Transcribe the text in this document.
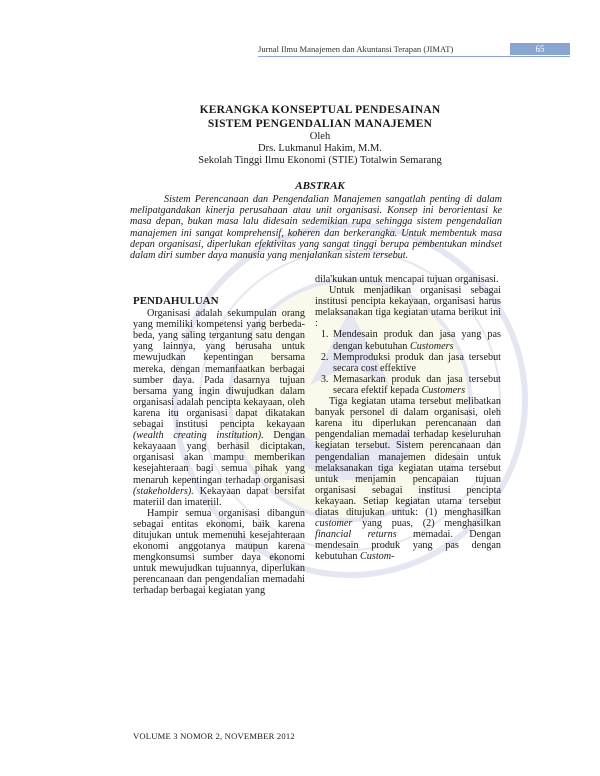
Jurnal Ilmu Manajemen dan Akuntansi Terapan (JIMAT)	65
KERANGKA KONSEPTUAL PENDESAINAN
SISTEM PENGENDALIAN MANAJEMEN
Oleh
Drs. Lukmanul Hakim, M.M.
Sekolah Tinggi Ilmu Ekonomi (STIE) Totalwin Semarang
ABSTRAK
Sistem Perencanaan dan Pengendalian Manajemen sangatlah penting di dalam melipatgandakan kinerja perusahaan atau unit organisasi. Konsep ini berorientasi ke masa depan, bukan masa lalu didesain sedemikian rupa sehingga sistem pengendalian manajemen ini sangat komprehensif, koheren dan berkerangka. Untuk membentuk masa depan organisasi, diperlukan efektivitas yang sangat tinggi berupa pembentukan mindset dalam diri sumber daya manusia yang menjalankan sistem tersebut.
PENDAHULUAN

Organisasi adalah sekumpulan orang yang memiliki kompetensi yang berbeda-beda, yang saling tergantung satu dengan yang lainnya, yang berusaha untuk mewujudkan kepentingan bersama mereka, dengan memanfaatkan berbagai sumber daya. Pada dasarnya tujuan bersama yang ingin diwujudkan dalam organisasi adalah pencipta kekayaan, oleh karena itu organisasi dapat dikatakan sebagai institusi pencipta kekayaan (wealth creating institution). Dengan kekayaaan yang berhasil diciptakan, organisasi akan mampu memberikan kesejahteraan bagi semua pihak yang menaruh kepentingan terhadap organisasi (stakeholders). Kekayaan dapat bersifat materiil dan imateriil.

Hampir semua organisasi dibangun sebagai entitas ekonomi, baik karena ditujukan untuk memenuhi kesejahteraan ekonomi anggotanya maupun karena mengkonsumsi sumber daya ekonomi untuk mewujudkan tujuannya, diperlukan perencanaan dan pengendalian memadahi terhadap berbagai kegiatan yang

dila'kukan untuk mencapai tujuan organisasi.

Untuk menjadikan organisasi sebagai institusi pencipta kekayaan, organisasi harus melaksanakan tiga kegiatan utama berikut ini :

1. Mendesain produk dan jasa yang pas dengan kebutuhan Customers
2. Memproduksi produk dan jasa tersebut secara cost effektive
3. Memasarkan produk dan jasa tersebut secara efektif kepada Customers

Tiga kegiatan utama tersebut melibatkan banyak personel di dalam organisasi, oleh karena itu diperlukan perencanaan dan pengendalian memadai terhadap keseluruhan kegiatan tersebut. Sistem perencanaan dan pengendalian manajemen didesain untuk melaksanakan tiga kegiatan utama tersebut untuk menjamin pencapaian tujuan organisasi sebagai institusi pencipta kekayaan. Setiap kegiatan utama tersebut diatas ditujukan untuk: (1) menghasilkan customer yang puas, (2) menghasilkan financial returns memadai. Dengan mendesain produk yang pas dengan kebutuhan Custom-

VOLUME 3 NOMOR 2, NOVEMBER 2012
